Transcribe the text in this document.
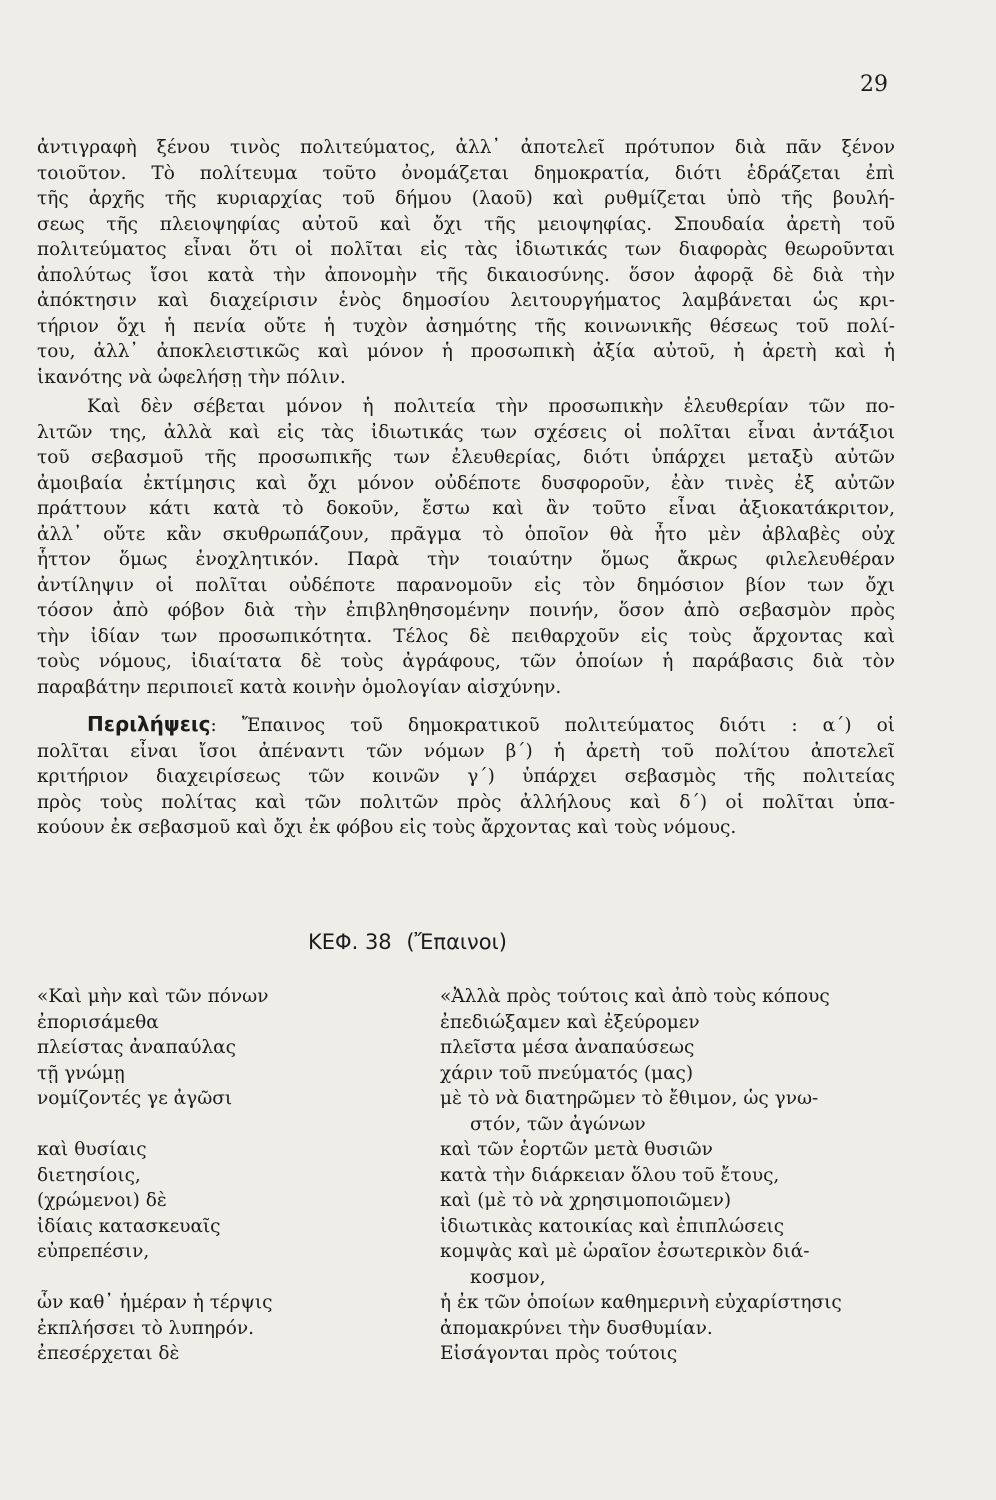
29
ἀντιγραφὴ ξένου τινὸς πολιτεύματος, ἀλλ᾿ ἀποτελεῖ πρότυπον διὰ πᾶν ξένον
τοιοῦτον. Τὸ πολίτευμα τοῦτο ὀνομάζεται δημοκρατία, διότι ἑδράζεται ἐπὶ
τῆς ἀρχῆς τῆς κυριαρχίας τοῦ δήμου (λαοῦ) καὶ ρυθμίζεται ὑπὸ τῆς βουλή-
σεως τῆς πλειοψηφίας αὐτοῦ καὶ ὄχι τῆς μειοψηφίας. Σπουδαία ἀρετὴ τοῦ
πολιτεύματος εἶναι ὅτι οἱ πολῖται εἰς τὰς ἰδιωτικάς των διαφορὰς θεωροῦνται
ἀπολύτως ἴσοι κατὰ τὴν ἀπονομὴν τῆς δικαιοσύνης. ὅσον ἀφορᾷ δὲ διὰ τὴν
ἀπόκτησιν καὶ διαχείρισιν ἑνὸς δημοσίου λειτουργήματος λαμβάνεται ὡς κρι-
τήριον ὄχι ἡ πενία οὔτε ἡ τυχὸν ἀσημότης τῆς κοινωνικῆς θέσεως τοῦ πολί-
του, ἀλλ᾿ ἀποκλειστικῶς καὶ μόνον ἡ προσωπικὴ ἀξία αὐτοῦ, ἡ ἀρετὴ καὶ ἡ
ἱκανότης νὰ ὠφελήσῃ τὴν πόλιν.
Καὶ δὲν σέβεται μόνον ἡ πολιτεία τὴν προσωπικὴν ἐλευθερίαν τῶν πο-
λιτῶν της, ἀλλὰ καὶ εἰς τὰς ἰδιωτικάς των σχέσεις οἱ πολῖται εἶναι ἀντάξιοι
τοῦ σεβασμοῦ τῆς προσωπικῆς των ἐλευθερίας, διότι ὑπάρχει μεταξὺ αὐτῶν
ἀμοιβαία ἐκτίμησις καὶ ὄχι μόνον οὐδέποτε δυσφοροῦν, ἐὰν τινὲς ἐξ αὐτῶν
πράττουν κάτι κατὰ τὸ δοκοῦν, ἔστω καὶ ἂν τοῦτο εἶναι ἀξιοκατάκριτον,
ἀλλ᾿ οὔτε κἂν σκυθρωπάζουν, πρᾶγμα τὸ ὁποῖον θὰ ἦτο μὲν ἀβλαβὲς οὐχ
ἧττον ὅμως ἐνοχλητικόν. Παρὰ τὴν τοιαύτην ὅμως ἄκρως φιλελευθέραν
ἀντίληψιν οἱ πολῖται οὐδέποτε παρανομοῦν εἰς τὸν δημόσιον βίον των ὄχι
τόσον ἀπὸ φόβον διὰ τὴν ἐπιβληθησομένην ποινήν, ὅσον ἀπὸ σεβασμὸν πρὸς
τὴν ἰδίαν των προσωπικότητα. Τέλος δὲ πειθαρχοῦν εἰς τοὺς ἄρχοντας καὶ
τοὺς νόμους, ἰδιαίτατα δὲ τοὺς ἀγράφους, τῶν ὁποίων ἡ παράβασις διὰ τὸν
παραβάτην περιποιεῖ κατὰ κοινὴν ὁμολογίαν αἰσχύνην.
Περιλήψεις: Ἔπαινος τοῦ δημοκρατικοῦ πολιτεύματος διότι : α΄) οἱ
πολῖται εἶναι ἴσοι ἀπέναντι τῶν νόμων β΄) ἡ ἀρετὴ τοῦ πολίτου ἀποτελεῖ
κριτήριον διαχειρίσεως τῶν κοινῶν γ΄) ὑπάρχει σεβασμὸς τῆς πολιτείας
πρὸς τοὺς πολίτας καὶ τῶν πολιτῶν πρὸς ἀλλήλους καὶ δ΄) οἱ πολῖται ὑπα-
κούουν ἐκ σεβασμοῦ καὶ ὄχι ἐκ φόβου εἰς τοὺς ἄρχοντας καὶ τοὺς νόμους.
ΚΕΦ. 38 (Ἔπαινοι)
«Καὶ μὴν καὶ τῶν πόνων
ἐπορισάμεθα
πλείστας ἀναπαύλας
τῇ γνώμῃ
νομίζοντές γε ἀγῶσι
καὶ θυσίαις
διετησίοις,
(χρώμενοι) δὲ
ἰδίαις κατασκευαῖς
εὐπρεπέσιν,
ὧν καθ᾿ ἡμέραν ἡ τέρψις
ἐκπλήσσει τὸ λυπηρόν.
ἐπεσέρχεται δὲ
«Ἀλλὰ πρὸς τούτοις καὶ ἀπὸ τοὺς κόπους
ἐπεδιώξαμεν καὶ ἐξεύρομεν
πλεῖστα μέσα ἀναπαύσεως
χάριν τοῦ πνεύματός (μας)
μὲ τὸ νὰ διατηρῶμεν τὸ ἔθιμον, ὡς γνω-
στόν, τῶν ἀγώνων
καὶ τῶν ἑορτῶν μετὰ θυσιῶν
κατὰ τὴν διάρκειαν ὅλου τοῦ ἔτους,
καὶ (μὲ τὸ νὰ χρησιμοποιῶμεν)
ἰδιωτικὰς κατοικίας καὶ ἐπιπλώσεις
κομψὰς καὶ μὲ ὡραῖον ἐσωτερικὸν διά-
κοσμον,
ἡ ἐκ τῶν ὁποίων καθημερινὴ εὐχαρίστησις
ἀπομακρύνει τὴν δυσθυμίαν.
Εἰσάγονται πρὸς τούτοις
